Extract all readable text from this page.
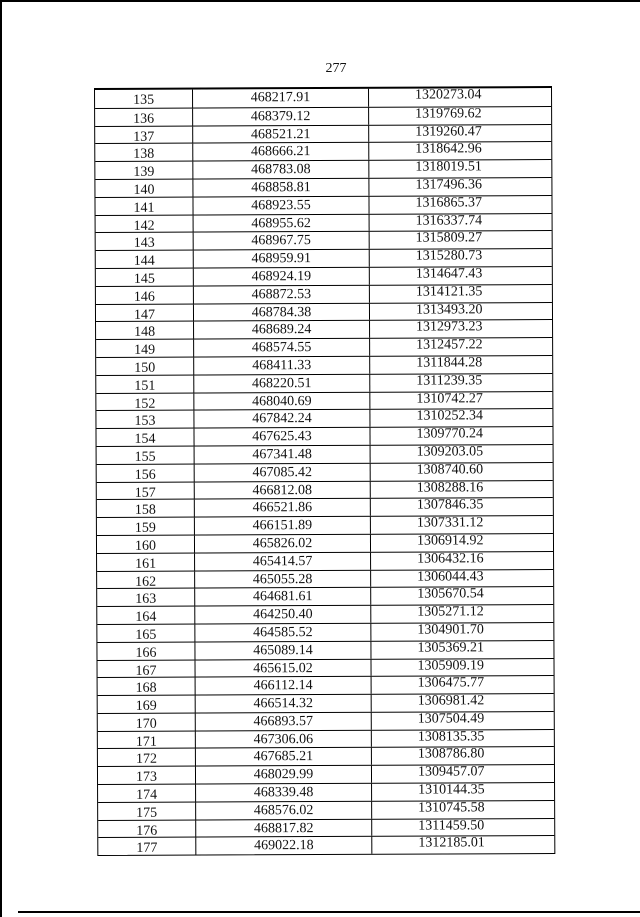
277
135	468217.91	1320273.04
136	468379.12	1319769.62
137	468521.21	1319260.47
138	468666.21	1318642.96
139	468783.08	1318019.51
140	468858.81	1317496.36
141	468923.55	1316865.37
142	468955.62	1316337.74
143	468967.75	1315809.27
144	468959.91	1315280.73
145	468924.19	1314647.43
146	468872.53	1314121.35
147	468784.38	1313493.20
148	468689.24	1312973.23
149	468574.55	1312457.22
150	468411.33	1311844.28
151	468220.51	1311239.35
152	468040.69	1310742.27
153	467842.24	1310252.34
154	467625.43	1309770.24
155	467341.48	1309203.05
156	467085.42	1308740.60
157	466812.08	1308288.16
158	466521.86	1307846.35
159	466151.89	1307331.12
160	465826.02	1306914.92
161	465414.57	1306432.16
162	465055.28	1306044.43
163	464681.61	1305670.54
164	464250.40	1305271.12
165	464585.52	1304901.70
166	465089.14	1305369.21
167	465615.02	1305909.19
168	466112.14	1306475.77
169	466514.32	1306981.42
170	466893.57	1307504.49
171	467306.06	1308135.35
172	467685.21	1308786.80
173	468029.99	1309457.07
174	468339.48	1310144.35
175	468576.02	1310745.58
176	468817.82	1311459.50
177	469022.18	1312185.01
